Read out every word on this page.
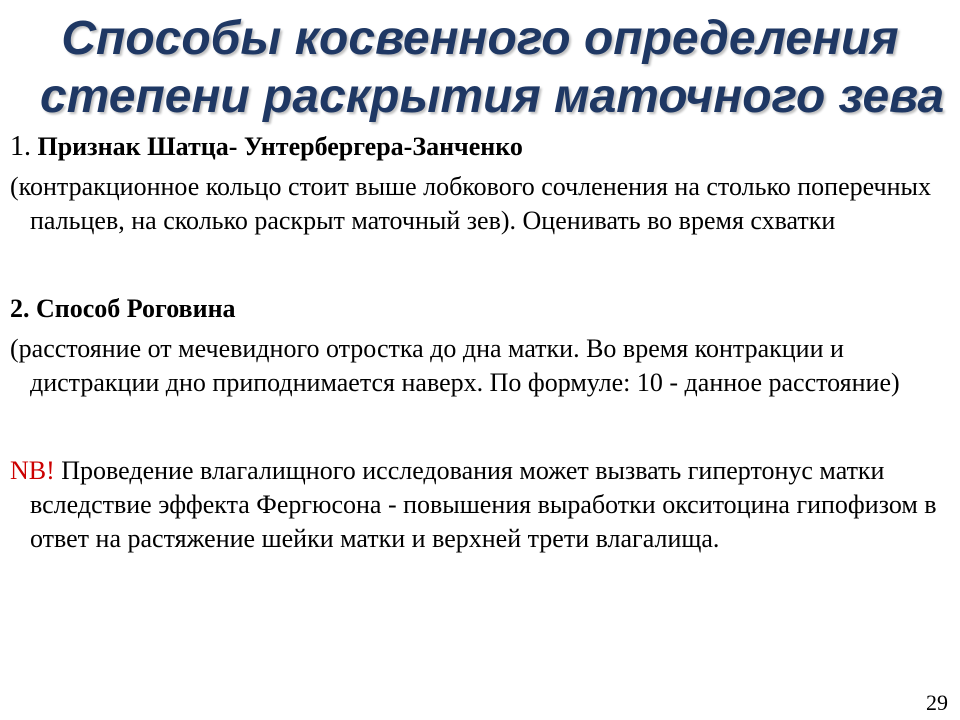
Способы косвенного определения
степени раскрытия маточного зева

1. Признак Шатца- Унтербергера-Занченко

(контракционное кольцо стоит выше лобкового сочленения на столько поперечных пальцев, на сколько раскрыт маточный зев). Оценивать во время схватки

2. Способ Роговина

(расстояние от мечевидного отростка до дна матки. Во время контракции и дистракции дно приподнимается наверх. По формуле: 10 - данное расстояние)

NB! Проведение влагалищного исследования может вызвать гипертонус матки вследствие эффекта Фергюсона - повышения выработки окситоцина гипофизом в ответ на растяжение шейки матки и верхней трети влагалища.

29
